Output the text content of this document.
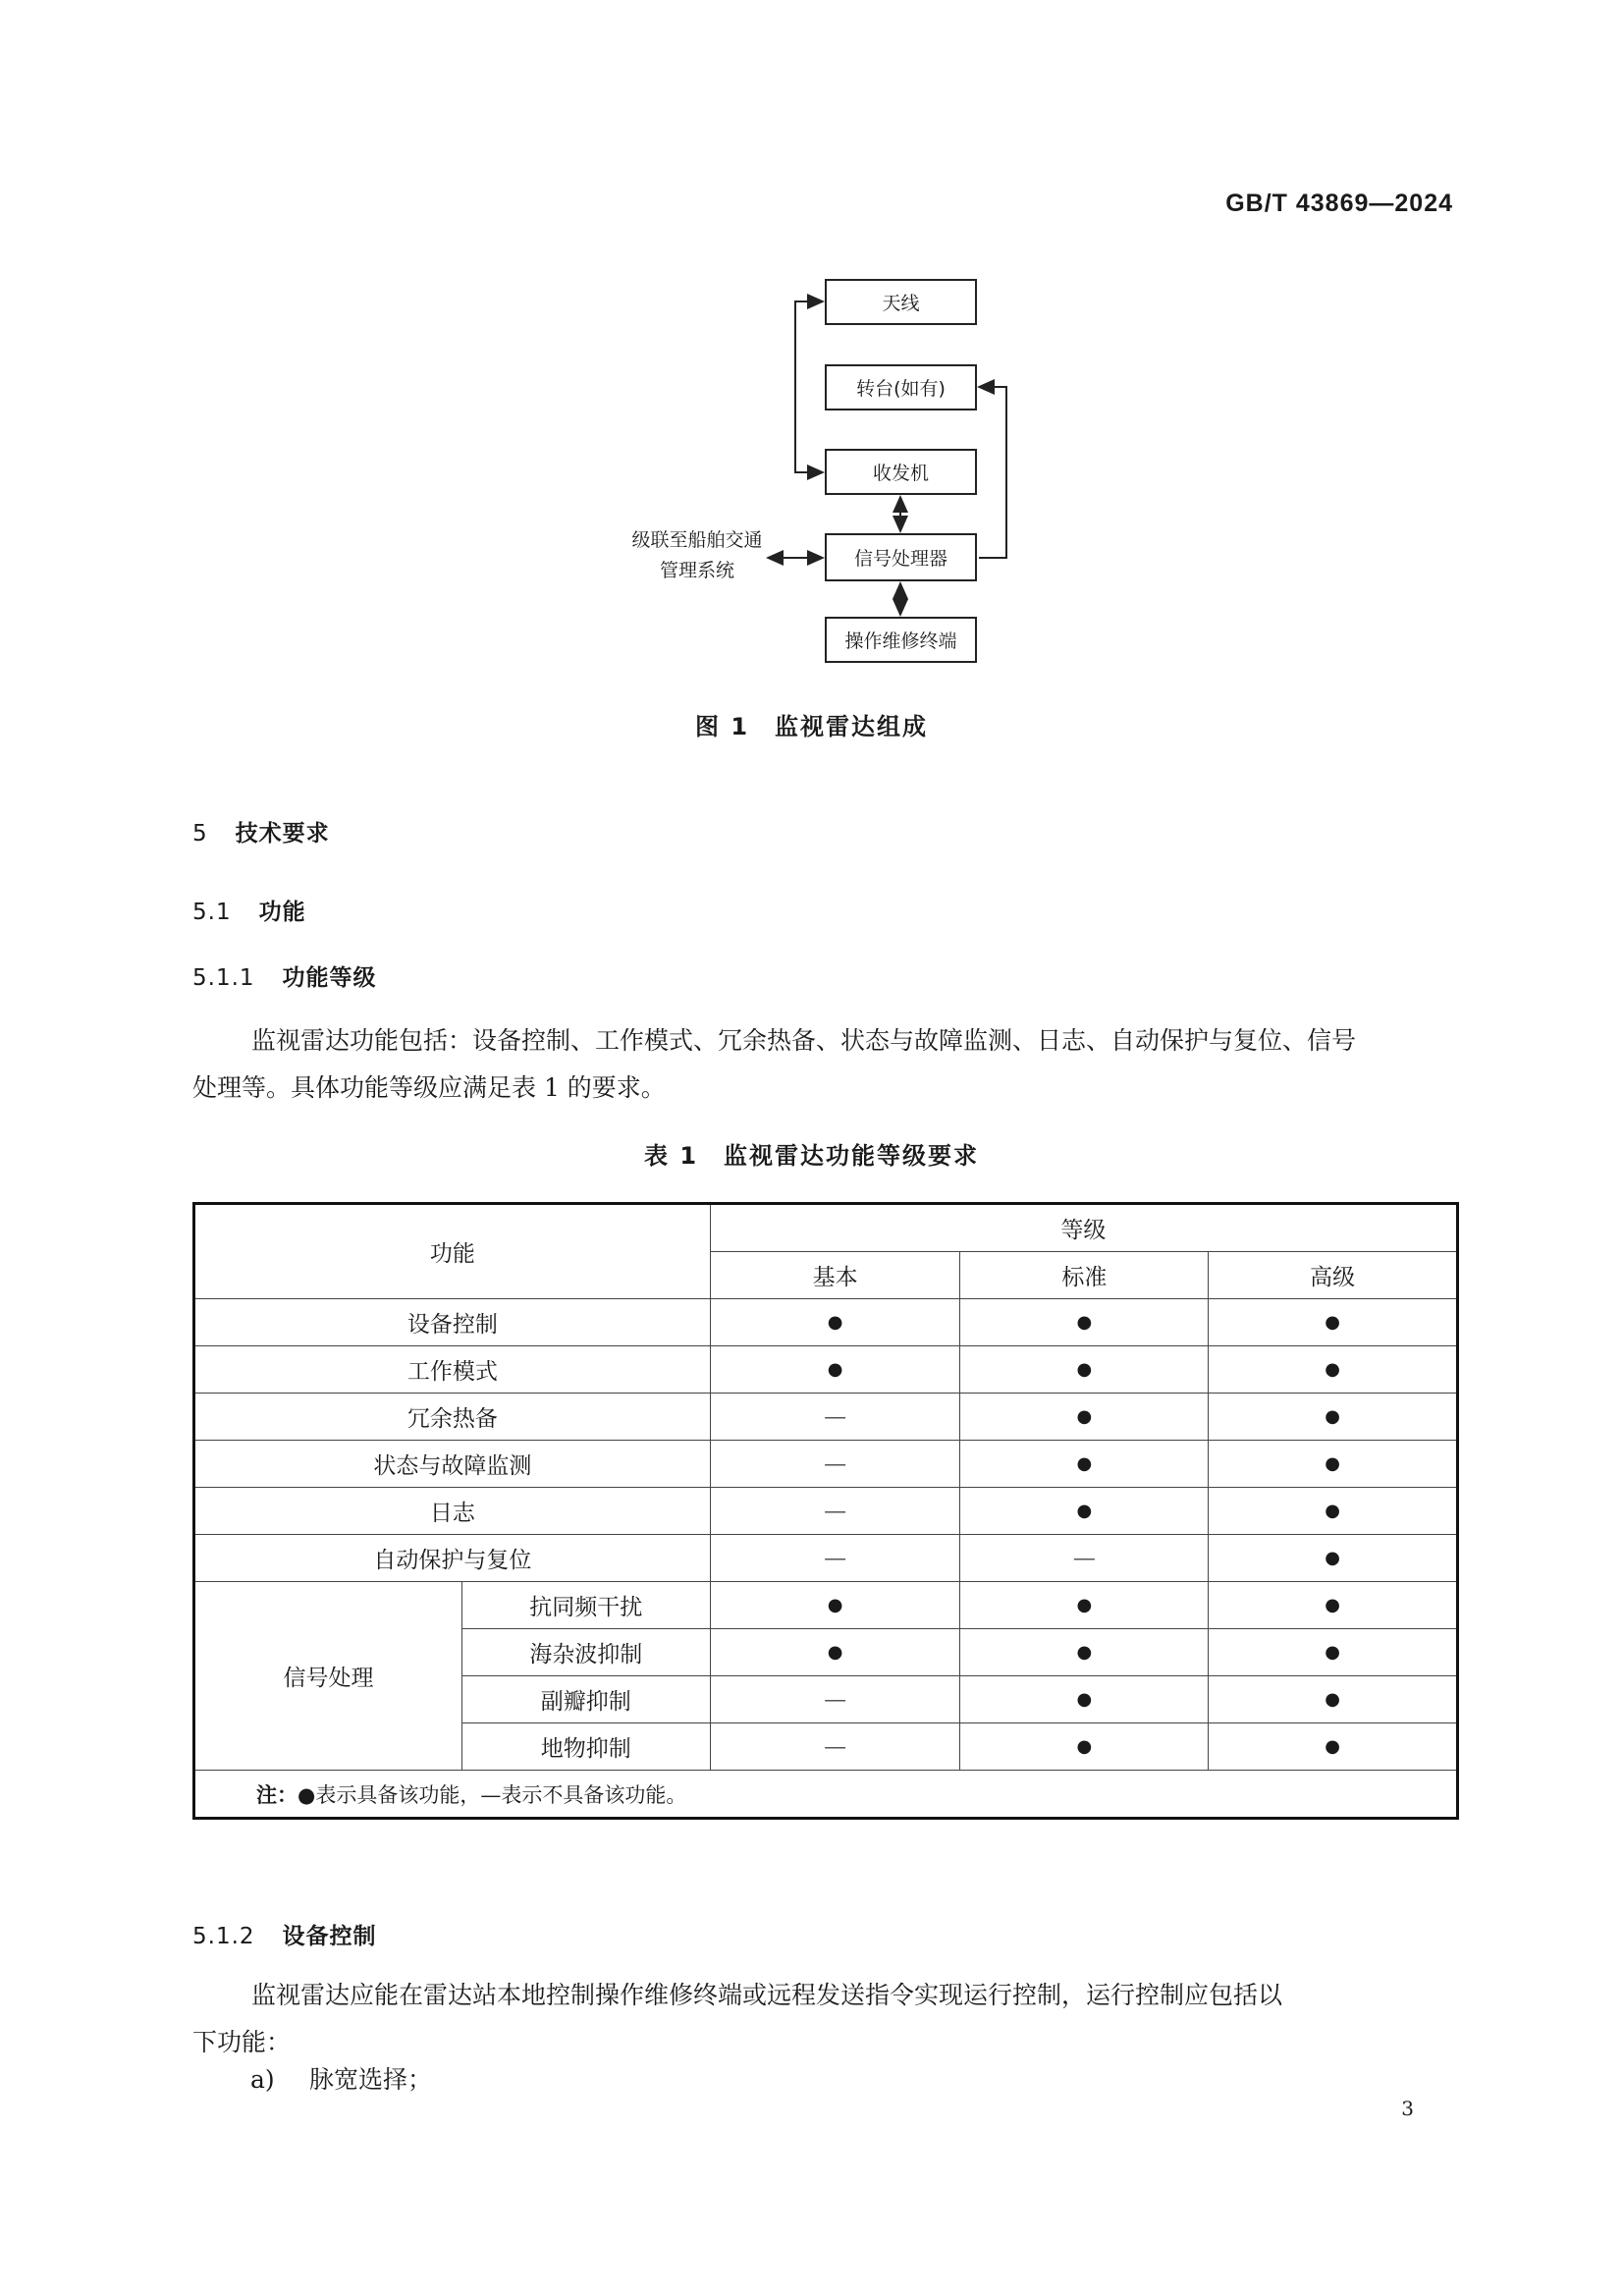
GB/T 43869—2024
天线
转台(如有)
收发机
信号处理器
操作维修终端
级联至船舶交通
管理系统
图 1　监视雷达组成
5 技术要求
5.1 功能
5.1.1 功能等级
监视雷达功能包括：设备控制、工作模式、冗余热备、状态与故障监测、日志、自动保护与复位、信号
处理等。具体功能等级应满足表 1 的要求。
表 1　监视雷达功能等级要求
功能		等级		
		基本	标准	高级
设备控制		●	●	●
工作模式		●	●	●
冗余热备		—	●	●
状态与故障监测		—	●	●
日志		—	●	●
自动保护与复位		—	—	●
信号处理	抗同频干扰	●	●	●
	海杂波抑制	●	●	●
	副瓣抑制	—	●	●
	地物抑制	—	●	●
注：●表示具备该功能，—表示不具备该功能。				
5.1.2 设备控制
监视雷达应能在雷达站本地控制操作维修终端或远程发送指令实现运行控制，运行控制应包括以
下功能：
a) 脉宽选择；
3
